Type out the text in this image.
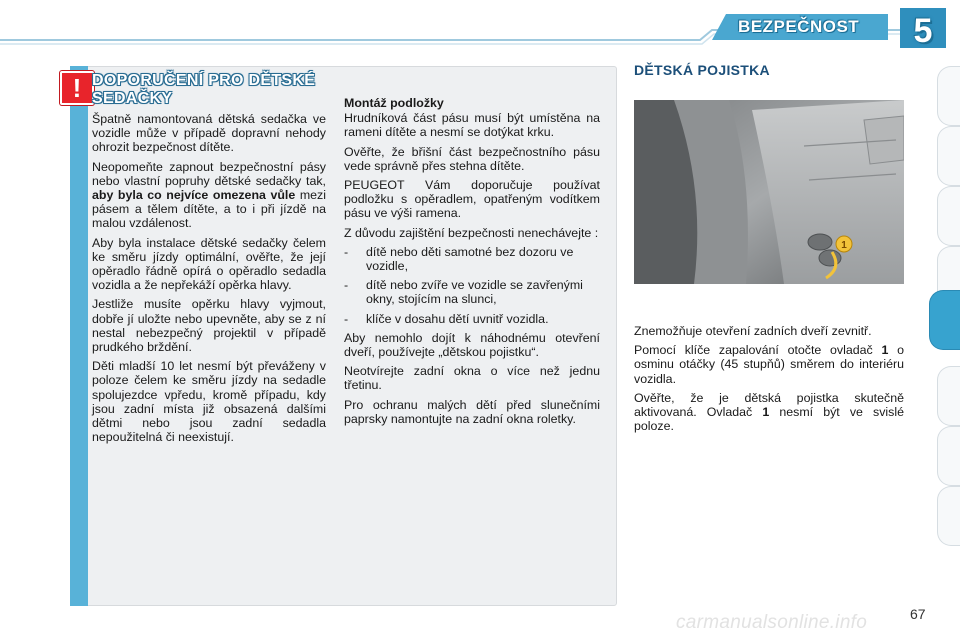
BEZPEČNOST 5
! DOPORUČENÍ PRO DĚTSKÉ
SEDAČKY

Špatně namontovaná dětská sedačka ve vozidle může v případě dopravní nehody ohrozit bezpečnost dítěte.

Neopomeňte zapnout bezpečnostní pásy nebo vlastní popruhy dětské sedačky tak, aby byla co nejvíce omezena vůle mezi pásem a tělem dítěte, a to i při jízdě na malou vzdálenost.

Aby byla instalace dětské sedačky čelem ke směru jízdy optimální, ověřte, že její opěradlo řádně opírá o opěradlo sedadla vozidla a že nepřekáží opěrka hlavy.

Jestliže musíte opěrku hlavy vyjmout, dobře jí uložte nebo upevněte, aby se z ní nestal nebezpečný projektil v případě prudkého brždění.

Děti mladší 10 let nesmí být převáženy v poloze čelem ke směru jízdy na sedadle spolujezdce vpředu, kromě případu, kdy jsou zadní místa již obsazená dalšími dětmi nebo jsou zadní sedadla nepoužitelná či neexistují.

Montáž podložky

Hrudníková část pásu musí být umístěna na rameni dítěte a nesmí se dotýkat krku.

Ověřte, že břišní část bezpečnostního pásu vede správně přes stehna dítěte.

PEUGEOT Vám doporučuje používat podložku s opěradlem, opatřeným vodítkem pásu ve výši ramena.

Z důvodu zajištění bezpečnosti nenechávejte :

-	dítě nebo děti samotné bez dozoru ve vozidle,
-	dítě nebo zvíře ve vozidle se zavřenými okny, stojícím na slunci,
-	klíče v dosahu dětí uvnitř vozidla.

Aby nemohlo dojít k náhodnému otevření dveří, používejte „dětskou pojistku“.

Neotvírejte zadní okna o více než jednu třetinu.

Pro ochranu malých dětí před slunečními paprsky namontujte na zadní okna roletky.

DĚTSKÁ POJISTKA
1

Znemožňuje otevření zadních dveří zevnitř.

Pomocí klíče zapalování otočte ovladač 1 o osminu otáčky (45 stupňů) směrem do interiéru vozidla.

Ověřte, že je dětská pojistka skutečně aktivovaná. Ovladač 1 nesmí být ve svislé poloze.

carmanualsonline.info	67
